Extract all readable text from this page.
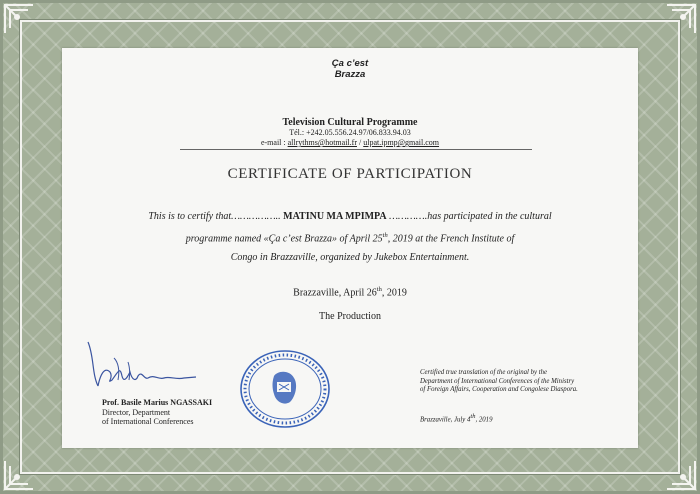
Ça c’est
Brazza
Television Cultural Programme
Tél.: +242.05.556.24.97/06.833.94.03
e-mail : allrythms@hotmail.fr / ulpat.ipmp@gmail.com
CERTIFICATE OF PARTICIPATION
This is to certify that…………….. MATINU MA MPIMPA ………….has participated in the cultural
programme named «Ça c’est Brazza» of April 25th, 2019 at the French Institute of
Congo in Brazzaville, organized by Jukebox Entertainment.
Brazzaville, April 26th, 2019
The Production
Prof. Basile Marius NGASSAKI
Director, Department
of International Conferences
Certified true translation of the original by the Department of International Conferences of the Ministry of Foreign Affairs, Cooperation and Congolese Diaspora.
Brazzaville, July 4th, 2019
